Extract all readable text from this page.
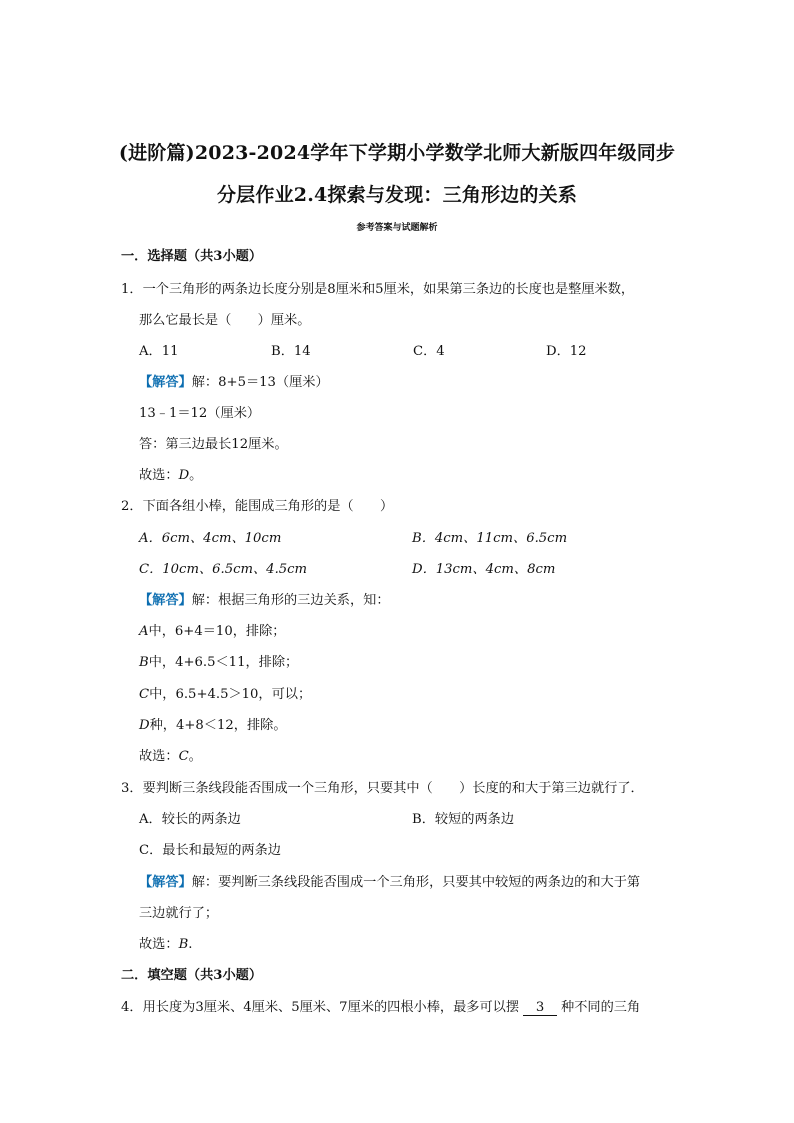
(进阶篇)2023-2024学年下学期小学数学北师大新版四年级同步
分层作业2.4探索与发现：三角形边的关系
参考答案与试题解析
一．选择题（共3小题）
1．一个三角形的两条边长度分别是8厘米和5厘米，如果第三条边的长度也是整厘米数，
那么它最长是（　　）厘米。
A．11	B．14	C．4	D．12
【解答】解：8+5＝13（厘米）
13﹣1＝12（厘米）
答：第三边最长12厘米。
故选：D。
2．下面各组小棒，能围成三角形的是（　　）
A．6cm、4cm、10cm	B．4cm、11cm、6.5cm
C．10cm、6.5cm、4.5cm	D．13cm、4cm、8cm
【解答】解：根据三角形的三边关系，知：
A中，6+4＝10，排除；
B中，4+6.5＜11，排除；
C中，6.5+4.5＞10，可以；
D种，4+8＜12，排除。
故选：C。
3．要判断三条线段能否围成一个三角形，只要其中（　　）长度的和大于第三边就行了．
A．较长的两条边	B．较短的两条边
C．最长和最短的两条边
【解答】解：要判断三条线段能否围成一个三角形，只要其中较短的两条边的和大于第
三边就行了；
故选：B.
二．填空题（共3小题）
4．用长度为3厘米、4厘米、5厘米、7厘米的四根小棒，最多可以摆 3 种不同的三角
